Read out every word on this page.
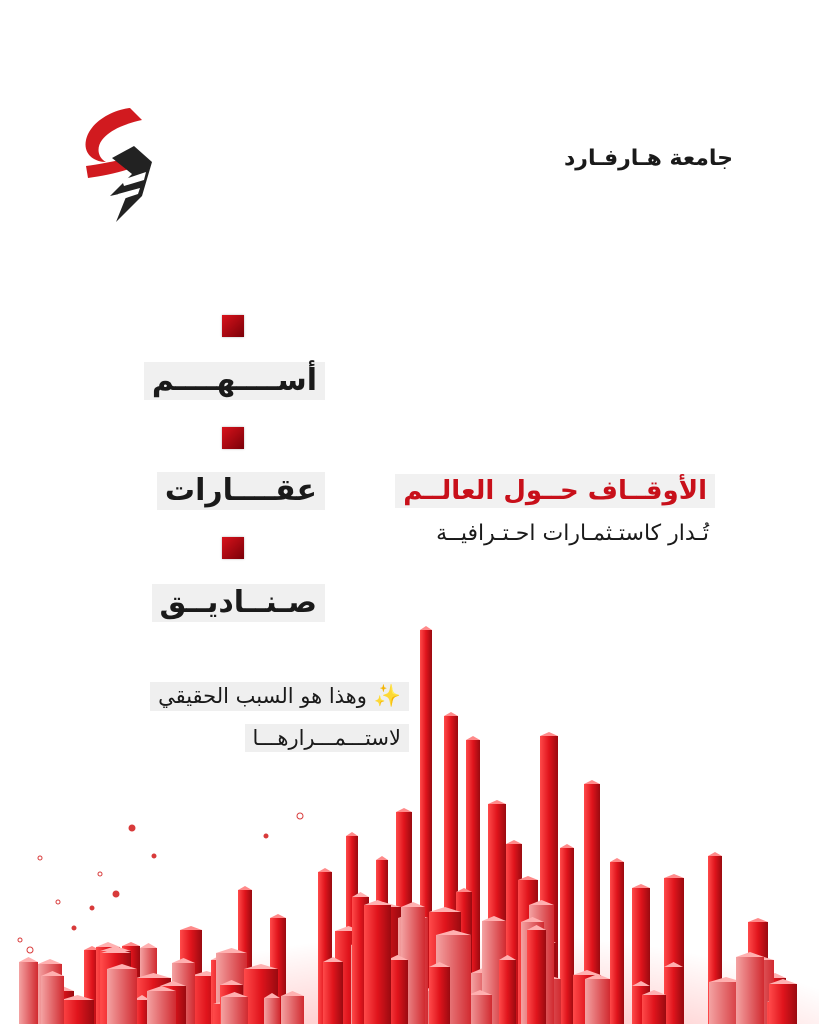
جامعة هـارفـارد
أســــهــــم
عقــــارات
صـنــاديــق
الأوقــاف حــول العالــم
تُـدار كاستـثمـارات احـتـرافيــة
✨ وهذا هو السبب الحقيقي
لاستـــمـــرارهـــا
